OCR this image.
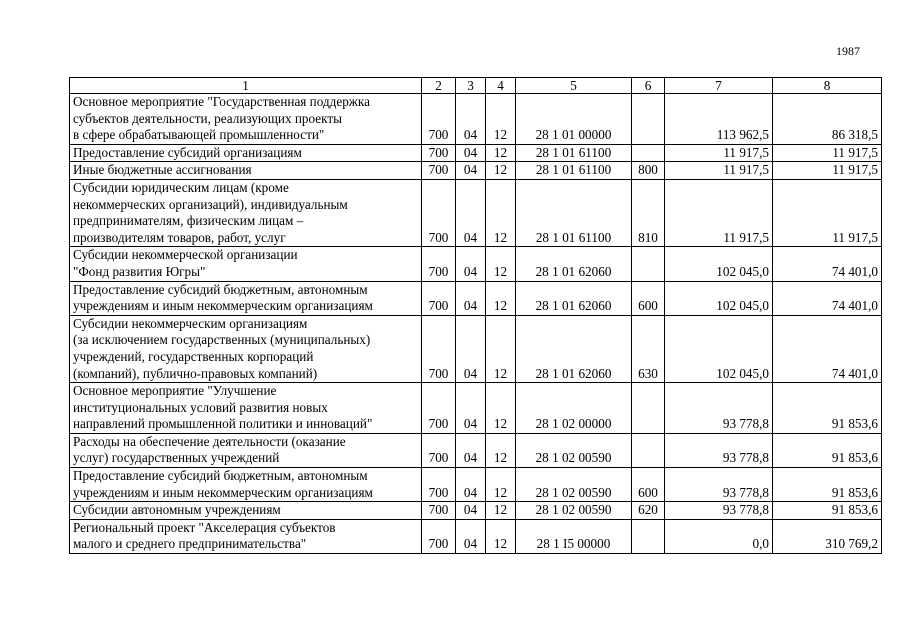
1987
1	2	3	4	5	6	7	8
Основное мероприятие "Государственная поддержка
субъектов деятельности, реализующих проекты
в сфере обрабатывающей промышленности"	700	04	12	28 1 01 00000		113 962,5	86 318,5
Предоставление субсидий организациям	700	04	12	28 1 01 61100		11 917,5	11 917,5
Иные бюджетные ассигнования	700	04	12	28 1 01 61100	800	11 917,5	11 917,5
Субсидии юридическим лицам (кроме
некоммерческих организаций), индивидуальным
предпринимателям, физическим лицам –
производителям товаров, работ, услуг	700	04	12	28 1 01 61100	810	11 917,5	11 917,5
Субсидии некоммерческой организации
"Фонд развития Югры"	700	04	12	28 1 01 62060		102 045,0	74 401,0
Предоставление субсидий бюджетным, автономным
учреждениям и иным некоммерческим организациям	700	04	12	28 1 01 62060	600	102 045,0	74 401,0
Субсидии некоммерческим организациям
(за исключением государственных (муниципальных)
учреждений, государственных корпораций
(компаний), публично-правовых компаний)	700	04	12	28 1 01 62060	630	102 045,0	74 401,0
Основное мероприятие "Улучшение
институциональных условий развития новых
направлений промышленной политики и инноваций"	700	04	12	28 1 02 00000		93 778,8	91 853,6
Расходы на обеспечение деятельности (оказание
услуг) государственных учреждений	700	04	12	28 1 02 00590		93 778,8	91 853,6
Предоставление субсидий бюджетным, автономным
учреждениям и иным некоммерческим организациям	700	04	12	28 1 02 00590	600	93 778,8	91 853,6
Субсидии автономным учреждениям	700	04	12	28 1 02 00590	620	93 778,8	91 853,6
Региональный проект "Акселерация субъектов
малого и среднего предпринимательства"	700	04	12	28 1 I5 00000		0,0	310 769,2
